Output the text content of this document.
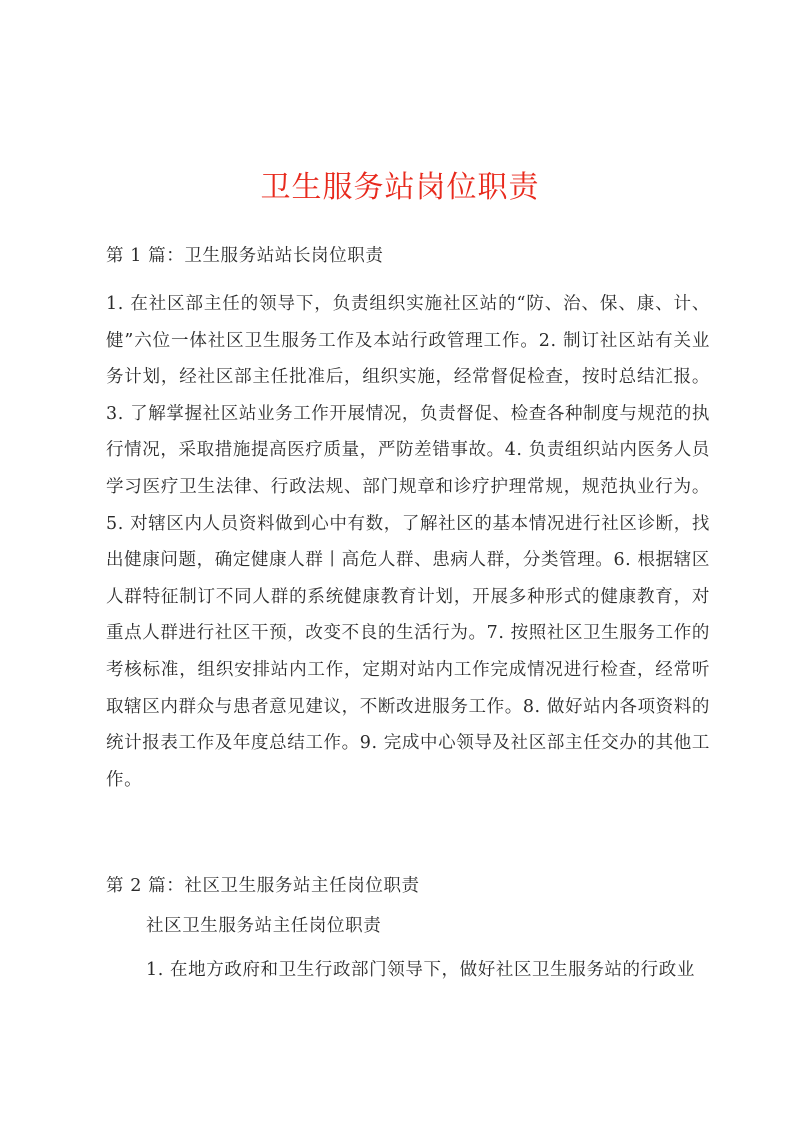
卫生服务站岗位职责
第 1 篇：卫生服务站站长岗位职责
1. 在社区部主任的领导下，负责组织实施社区站的“防、治、保、康、计、健”六位一体社区卫生服务工作及本站行政管理工作。2. 制订社区站有关业务计划，经社区部主任批准后，组织实施，经常督促检查，按时总结汇报。3. 了解掌握社区站业务工作开展情况，负责督促、检查各种制度与规范的执行情况，采取措施提高医疗质量，严防差错事故。4. 负责组织站内医务人员学习医疗卫生法律、行政法规、部门规章和诊疗护理常规，规范执业行为。5. 对辖区内人员资料做到心中有数，了解社区的基本情况进行社区诊断，找出健康问题，确定健康人群丨高危人群、患病人群，分类管理。6. 根据辖区人群特征制订不同人群的系统健康教育计划，开展多种形式的健康教育，对重点人群进行社区干预，改变不良的生活行为。7. 按照社区卫生服务工作的考核标准，组织安排站内工作，定期对站内工作完成情况进行检查，经常听取辖区内群众与患者意见建议，不断改进服务工作。8. 做好站内各项资料的统计报表工作及年度总结工作。9. 完成中心领导及社区部主任交办的其他工作。
第 2 篇：社区卫生服务站主任岗位职责
社区卫生服务站主任岗位职责
1. 在地方政府和卫生行政部门领导下，做好社区卫生服务站的行政业
